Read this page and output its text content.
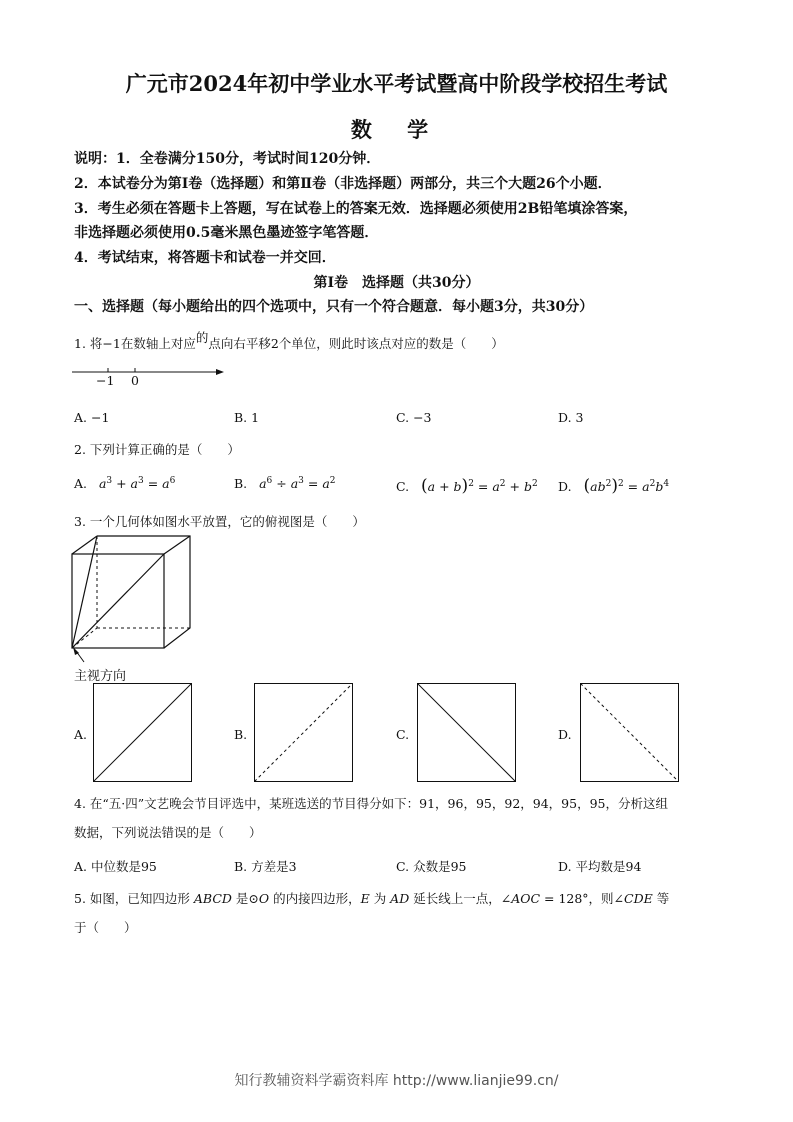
广元市2024年初中学业水平考试暨高中阶段学校招生考试
数 学
说明：1．全卷满分150分，考试时间120分钟．
2．本试卷分为第Ⅰ卷（选择题）和第Ⅱ卷（非选择题）两部分，共三个大题26个小题．
3．考生必须在答题卡上答题，写在试卷上的答案无效．选择题必须使用2B铅笔填涂答案，
非选择题必须使用0.5毫米黑色墨迹签字笔答题．
4．考试结束，将答题卡和试卷一并交回．
第Ⅰ卷　选择题（共30分）
一、选择题（每小题给出的四个选项中，只有一个符合题意．每小题3分，共30分）
1. 将−1在数轴上对应的点向右平移2个单位，则此时该点对应的数是（　　）
−1 0
A. −1	B. 1	C. −3	D. 3
2. 下列计算正确的是（　　）
A. $a^3 + a^3 = a^6$	B. $a^6 \div a^3 = a^2$	C. $(a + b)^2 = a^2 + b^2$ D. $(ab^2)^2 = a^2b^4$
3. 一个几何体如图水平放置，它的俯视图是（　　）
主视方向
A.	B.	C.	D.
4. 在“五·四”文艺晚会节目评选中，某班选送的节目得分如下：91，96，95，92，94，95，95，分析这组
数据，下列说法错误的是（　　）
A. 中位数是95	B. 方差是3	C. 众数是95	D. 平均数是94
5. 如图，已知四边形 ABCD 是⊙O 的内接四边形，E 为 AD 延长线上一点，∠AOC = 128°，则∠CDE 等
于（　　）
知行教辅资料学霸资料库 http://www.lianjie99.cn/
